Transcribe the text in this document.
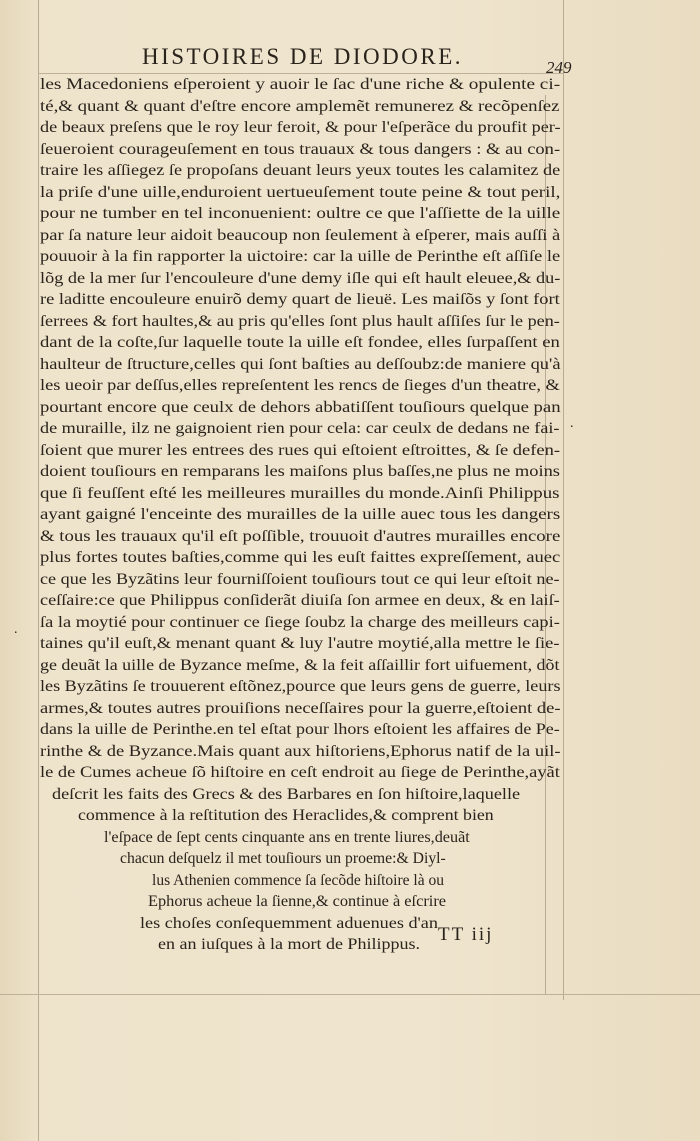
HISTOIRES DE DIODORE.	249
les Macedoniens eſperoient y auoir le ſac d'une riche & opulente ci-
té,& quant & quant d'eſtre encore amplemẽt remunerez & recõpenſez
de beaux preſens que le roy leur feroit, & pour l'eſperãce du proufit per-
ſeueroient courageuſement en tous trauaux & tous dangers : & au con-
traire les aſſiegez ſe propoſans deuant leurs yeux toutes les calamitez de
la priſe d'une uille,enduroient uertueuſement toute peine & tout peril,
pour ne tumber en tel inconuenient: oultre ce que l'aſſiette de la uille
par ſa nature leur aidoit beaucoup non ſeulement à eſperer, mais auſſi à
pouuoir à la fin rapporter la uictoire: car la uille de Perinthe eſt aſſiſe le
lõg de la mer ſur l'encouleure d'une demy iſle qui eſt hault eleuee,& du-
re laditte encouleure enuirõ demy quart de lieuë. Les maiſõs y ſont fort
ſerrees & fort haultes,& au pris qu'elles ſont plus hault aſſiſes ſur le pen-
dant de la coſte,ſur laquelle toute la uille eſt fondee, elles ſurpaſſent en
haulteur de ſtructure,celles qui ſont baſties au deſſoubz:de maniere qu'à
les ueoir par deſſus,elles repreſentent les rencs de ſieges d'un theatre, &
pourtant encore que ceulx de dehors abbatiſſent touſiours quelque pan
de muraille, ilz ne gaignoient rien pour cela: car ceulx de dedans ne fai-
ſoient que murer les entrees des rues qui eſtoient eſtroittes, & ſe defen-
doient touſiours en remparans les maiſons plus baſſes,ne plus ne moins
que ſi feuſſent eſté les meilleures murailles du monde.Ainſi Philippus
ayant gaigné l'enceinte des murailles de la uille auec tous les dangers
& tous les trauaux qu'il eſt poſſible, trouuoit d'autres murailles encore
plus fortes toutes baſties,comme qui les euſt faittes expreſſement, auec
ce que les Byzãtins leur fourniſſoient touſiours tout ce qui leur eſtoit ne-
ceſſaire:ce que Philippus conſiderãt diuiſa ſon armee en deux, & en laiſ-
ſa la moytié pour continuer ce ſiege ſoubz la charge des meilleurs capi-
taines qu'il euſt,& menant quant & luy l'autre moytié,alla mettre le ſie-
ge deuãt la uille de Byzance meſme, & la feit aſſaillir fort uifuement, dõt
les Byzãtins ſe trouuerent eſtõnez,pource que leurs gens de guerre, leurs
armes,& toutes autres prouiſions neceſſaires pour la guerre,eſtoient de-
dans la uille de Perinthe.en tel eſtat pour lhors eſtoient les affaires de Pe-
rinthe & de Byzance.Mais quant aux hiſtoriens,Ephorus natif de la uil-
le de Cumes acheue ſõ hiſtoire en ceſt endroit au ſiege de Perinthe,ayãt
deſcrit les faits des Grecs & des Barbares en ſon hiſtoire,laquelle
commence à la reſtitution des Heraclides,& comprent bien
l'eſpace de ſept cents cinquante ans en trente liures,deuãt
chacun deſquelz il met touſiours un proeme:& Diyl-
lus Athenien commence ſa ſecõde hiſtoire là ou
Ephorus acheue la ſienne,& continue à eſcrire
les choſes conſequemment aduenues d'an
en an iuſques à la mort de Philippus.
.
.
TT iij
